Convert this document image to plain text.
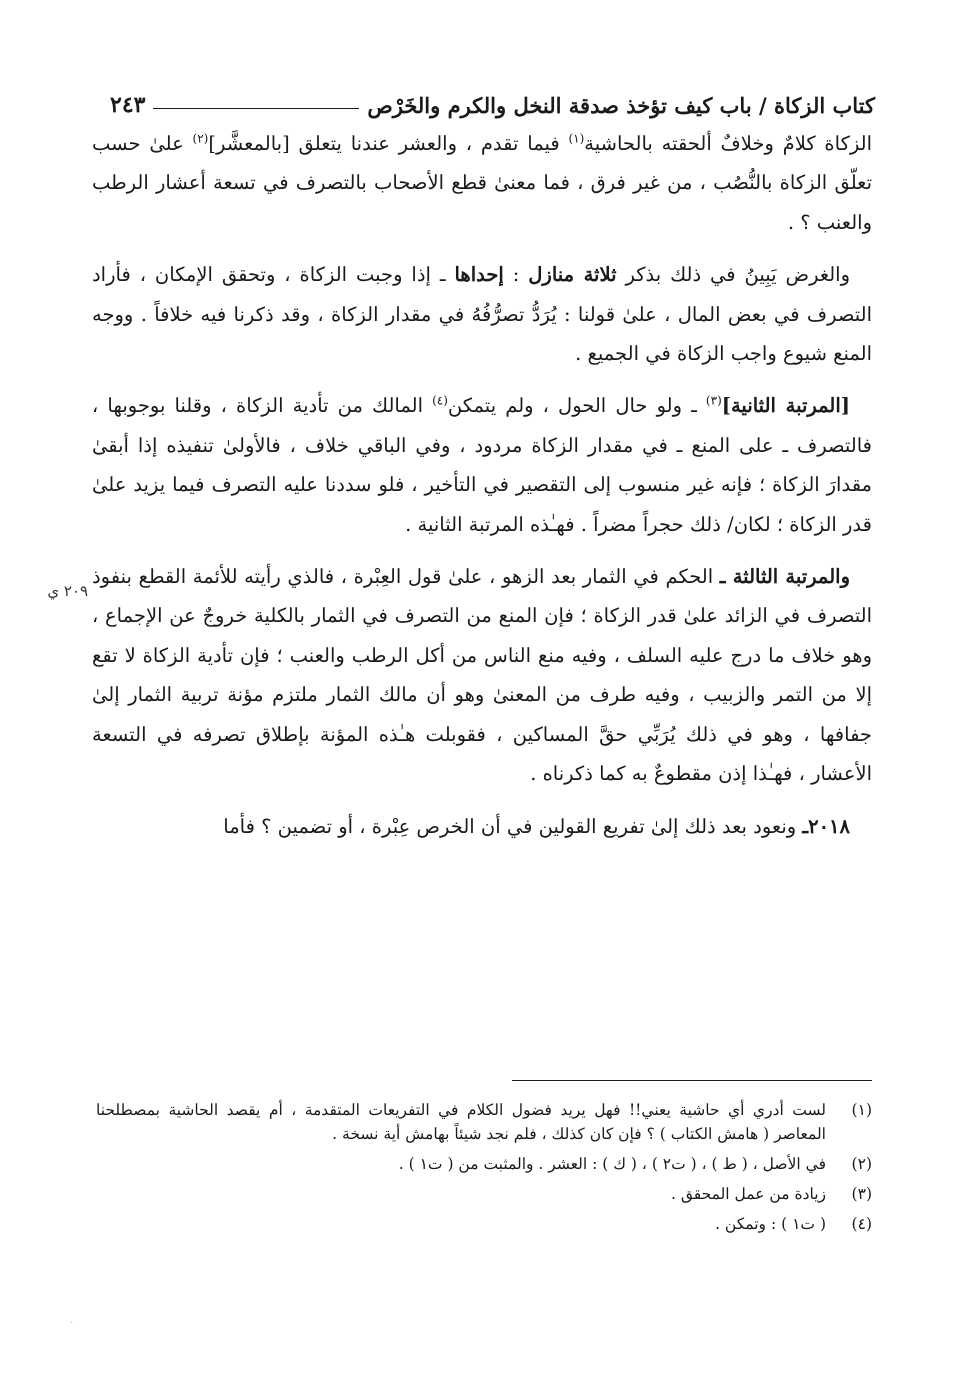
كتاب الزكاة / باب كيف تؤخذ صدقة النخل والكرم والخَرْص
٢٤٣

الزكاة كلامٌ وخلافٌ ألحقته بالحاشية$^{(١)}$ فيما تقدم ، والعشر عندنا يتعلق [بالمعشَّر]$^{(٢)}$ علىٰ حسب تعلّق الزكاة بالنُّصُب ، من غير فرق ، فما معنىٰ قطع الأصحاب بالتصرف في تسعة أعشار الرطب والعنب ؟ .

والغرض يَبِينُ في ذلك بذكر ثلاثة منازل : إحداها ـ إذا وجبت الزكاة ، وتحقق الإمكان ، فأراد التصرف في بعض المال ، علىٰ قولنا : يُرَدُّ تصرُّفُهُ في مقدار الزكاة ، وقد ذكرنا فيه خلافاً . ووجه المنع شيوع واجب الزكاة في الجميع .

[المرتبة الثانية]$^{(٣)}$ ـ ولو حال الحول ، ولم يتمكن$^{(٤)}$ المالك من تأدية الزكاة ، وقلنا بوجوبها ، فالتصرف ـ على المنع ـ في مقدار الزكاة مردود ، وفي الباقي خلاف ، فالأولىٰ تنفيذه إذا أبقىٰ مقدارَ الزكاة ؛ فإنه غير منسوب إلى التقصير في التأخير ، فلو سددنا عليه التصرف فيما يزيد علىٰ قدر الزكاة ؛ لكان/ ذلك حجراً مضراً . فهـٰذه المرتبة الثانية .

والمرتبة الثالثة ـ الحكم في الثمار بعد الزهو ، علىٰ قول العِبْرة ، فالذي رأيته للأئمة القطع بنفوذ التصرف في الزائد علىٰ قدر الزكاة ؛ فإن المنع من التصرف في الثمار بالكلية خروجٌ عن الإجماع ، وهو خلاف ما درج عليه السلف ، وفيه منع الناس من أكل الرطب والعنب ؛ فإن تأدية الزكاة لا تقع إلا من التمر والزبيب ، وفيه طرف من المعنىٰ وهو أن مالك الثمار ملتزم مؤنة تربية الثمار إلىٰ جفافها ، وهو في ذلك يُرَبِّي حقَّ المساكين ، فقوبلت هـٰذه المؤنة بإطلاق تصرفه في التسعة الأعشار ، فهـٰذا إذن مقطوعٌ به كما ذكرناه .

٢٠١٨ـ ونعود بعد ذلك إلىٰ تفريع القولين في أن الخرص عِبْرة ، أو تضمين ؟ فأما

٢٠٩ ي
(١)
لست أدري أي حاشية يعني!! فهل يريد فضول الكلام في التفريعات المتقدمة ، أم يقصد الحاشية بمصطلحنا المعاصر ( هامش الكتاب ) ؟ فإن كان كذلك ، فلم نجد شيئاً بهامش أية نسخة .
(٢)
في الأصل ، ( ط ) ، ( ت٢ ) ، ( ك ) : العشر . والمثبت من ( ت١ ) .
(٣)
زيادة من عمل المحقق .
(٤)
( ت١ ) : وتمكن .
·
